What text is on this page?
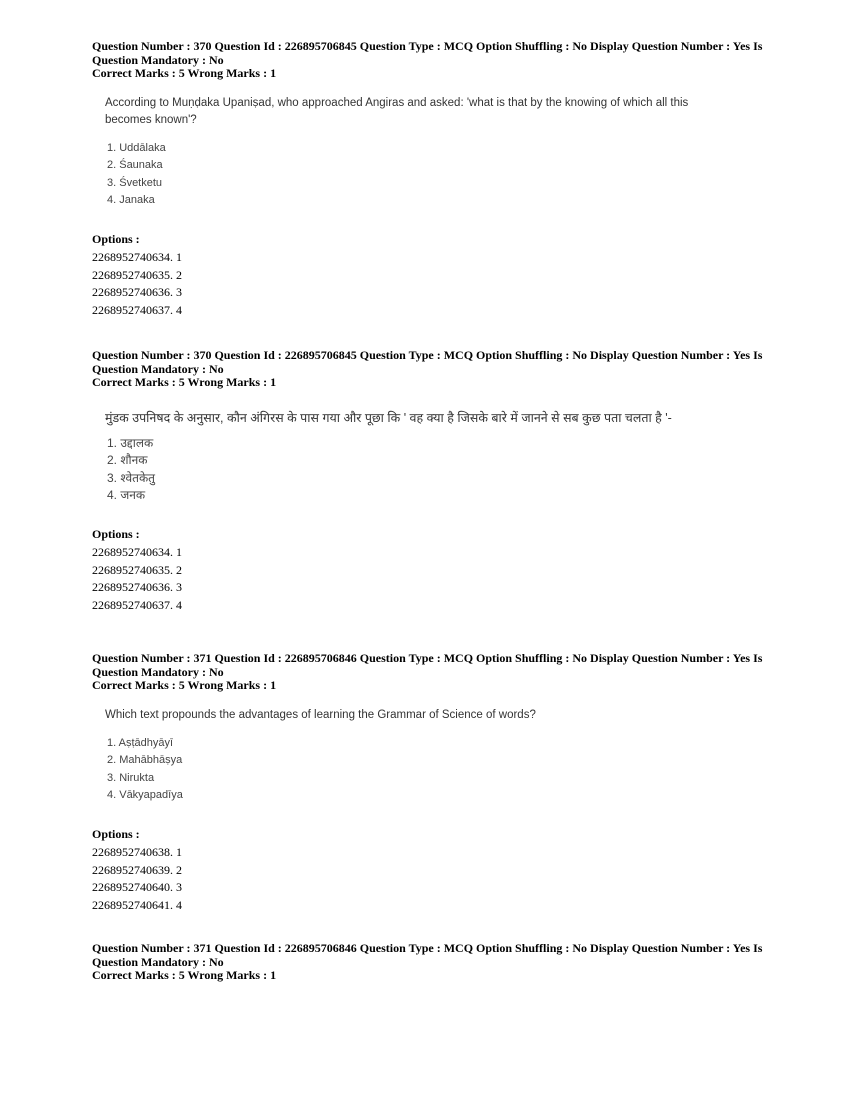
Question Number : 370 Question Id : 226895706845 Question Type : MCQ Option Shuffling : No Display Question Number : Yes Is

Question Mandatory : No

Correct Marks : 5 Wrong Marks : 1

According to Muṇḍaka Upaniṣad, who approached Angiras and asked: 'what is that by the knowing of which all this becomes known'?
1. Uddālaka
2. Śaunaka
3. Śvetketu
4. Janaka

Options :

2268952740634. 1

2268952740635. 2

2268952740636. 3

2268952740637. 4

Question Number : 370 Question Id : 226895706845 Question Type : MCQ Option Shuffling : No Display Question Number : Yes Is

Question Mandatory : No

Correct Marks : 5 Wrong Marks : 1

मुंडक उपनिषद के अनुसार, कौन अंगिरस के पास गया और पूछा कि ' वह क्या है जिसके बारे में जानने से सब कुछ पता चलता है '-
1. उद्दालक
2. शौनक
3. श्वेतकेतु
4. जनक

Options :

2268952740634. 1

2268952740635. 2

2268952740636. 3

2268952740637. 4

Question Number : 371 Question Id : 226895706846 Question Type : MCQ Option Shuffling : No Display Question Number : Yes Is

Question Mandatory : No

Correct Marks : 5 Wrong Marks : 1

Which text propounds the advantages of learning the Grammar of Science of words?
1. Aṣṭādhyāyī
2. Mahābhāṣya
3. Nirukta
4. Vākyapadīya

Options :

2268952740638. 1

2268952740639. 2

2268952740640. 3

2268952740641. 4

Question Number : 371 Question Id : 226895706846 Question Type : MCQ Option Shuffling : No Display Question Number : Yes Is

Question Mandatory : No

Correct Marks : 5 Wrong Marks : 1
